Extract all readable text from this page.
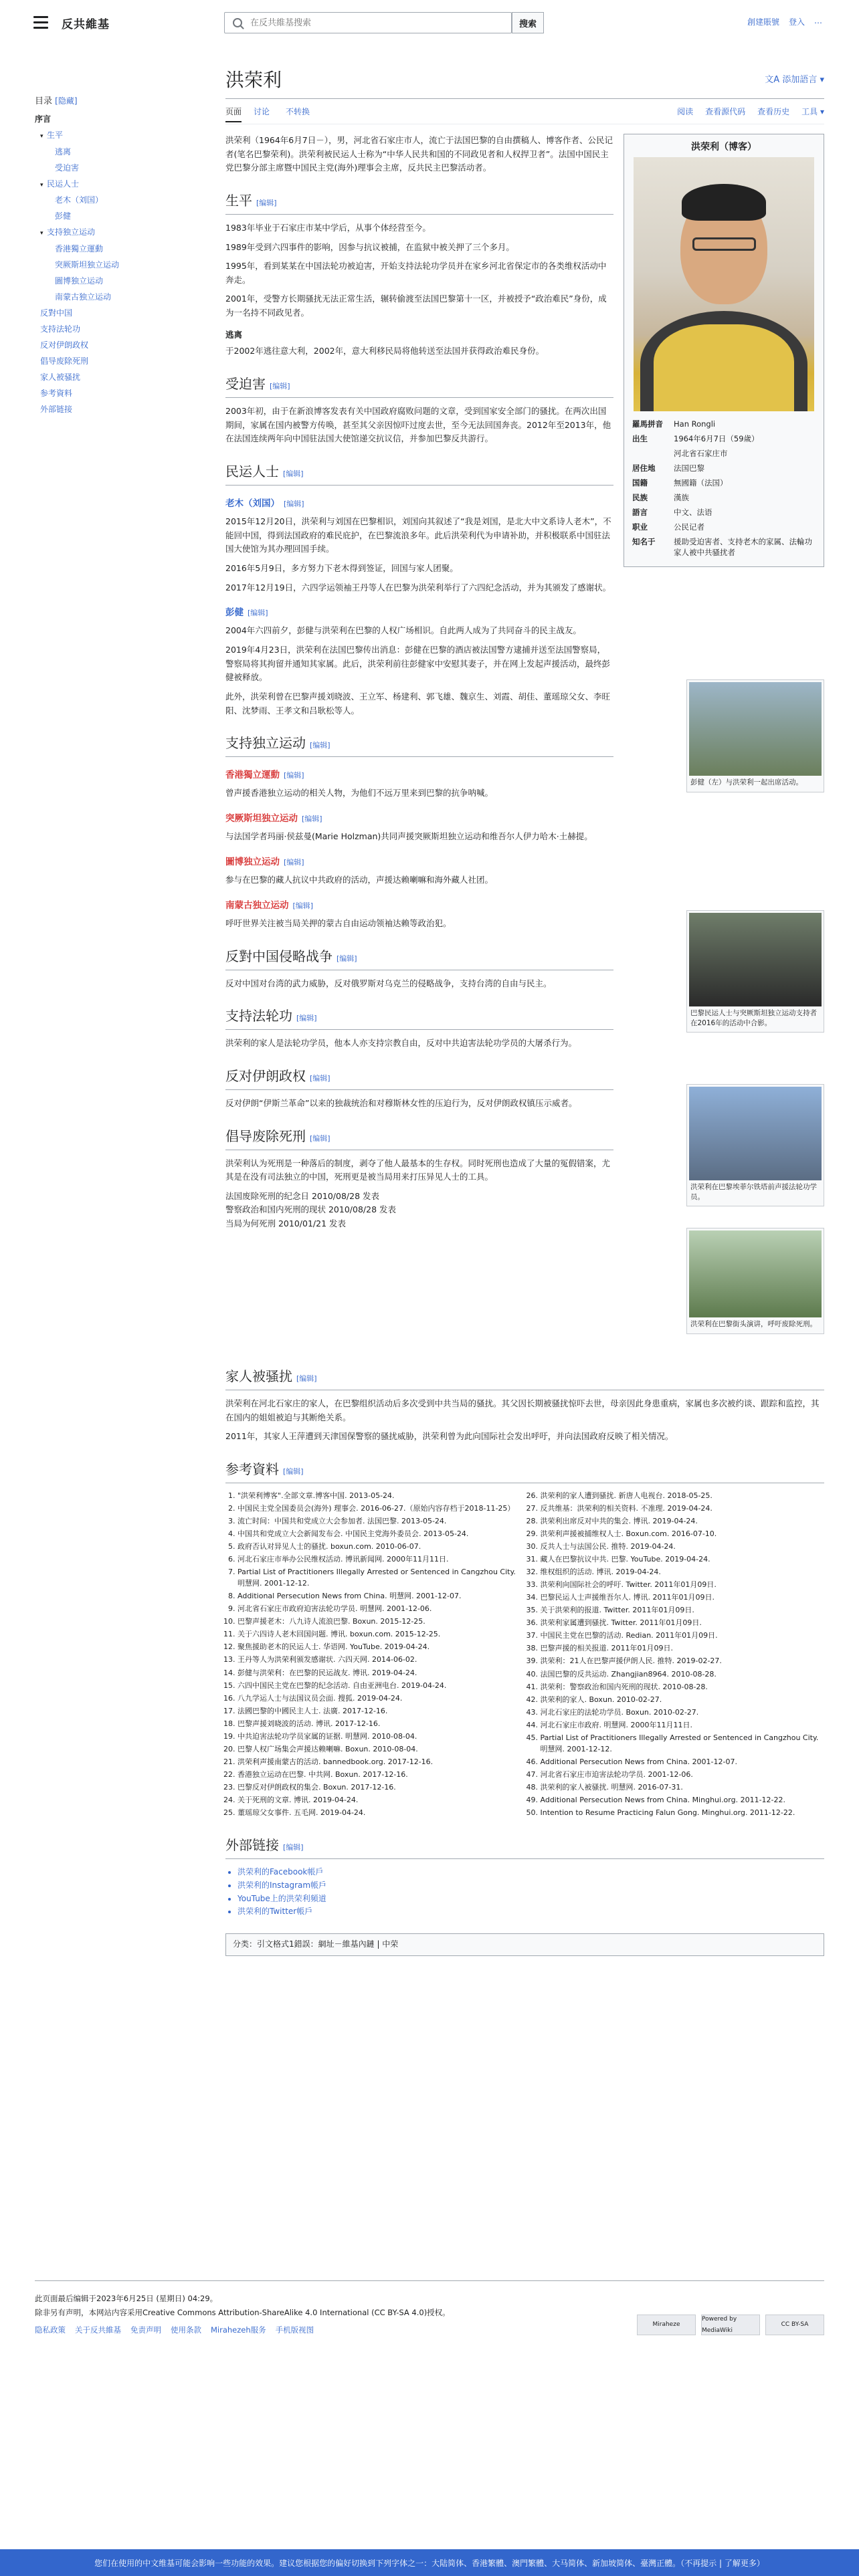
反共維基
在反共維基搜索	搜索	創建賬號 登入 …
目录 [隐藏]
序言
▾ 生平
逃离
受迫害
▾ 民运人士
老木（刘国）
彭健
▾ 支持独立运动
香港獨立運動
突厥斯坦独立运动
圖博独立运动
南蒙古独立运动
反對中国
支持法轮功
反对伊朗政权
倡导废除死刑
家人被骚扰
参考資料
外部链接
洪荣利	文A 添加語言 ▾
页面 讨论 不转换	阅读 查看源代码 查看历史 工具 ▾
洪荣利（博客）
羅馬拼音	Han Rongli
出生	1964年6月7日（59歲）
	河北省石家庄市
居住地	法国巴黎
国籍	無國籍（法国）
民族	漢族
語言	中文、法语
职业	公民记者
知名于	援助受迫害者、支持老木的家属、法輪功家人被中共骚扰者

洪荣利（1964年6月7日－），男，河北省石家庄市人，流亡于法国巴黎的自由撰稿人、博客作者、公民记者(笔名巴黎荣利)。洪荣利被民运人士称为“中华人民共和国的不同政见者和人权捍卫者”。法国中国民主党巴黎分部主席暨中国民主党(海外)理事会主席，反共民主巴黎活动者。

生平 [编辑]

1983年毕业于石家庄市某中学后，从事个体经营至今。

1989年受到六四事件的影响，因参与抗议被捕，在监狱中被关押了三个多月。

1995年，看到某某在中国法轮功被迫害，开始支持法轮功学员并在家乡河北省保定市的各类维权活动中奔走。

2001年，受警方长期骚扰无法正常生活，辗转偷渡至法国巴黎第十一区，并被授予“政治难民”身份，成为一名持不同政见者。

逃离

于2002年逃往意大利，2002年，意大利移民局将他转送至法国并获得政治难民身份。

受迫害 [编辑]

2003年初，由于在新浪博客发表有关中国政府腐败问题的文章，受到国家安全部门的骚扰。在两次出国期间，家属在国内被警方传唤，甚至其父亲因惊吓过度去世，至今无法回国奔丧。2012年至2013年，他在法国连续两年向中国驻法国大使馆递交抗议信，并参加巴黎反共游行。

民运人士 [编辑]
老木（刘国） [编辑]

2015年12月20日，洪荣利与刘国在巴黎相识，刘国向其叙述了“我是刘国，是北大中文系诗人老木”，不能回中国，得到法国政府的难民庇护，在巴黎流浪多年。此后洪荣利代为申请补助，并积极联系中国驻法国大使馆为其办理回国手续。

2016年5月9日，多方努力下老木得到签证，回国与家人团聚。

2017年12月19日，六四学运领袖王丹等人在巴黎为洪荣利举行了六四纪念活动，并为其颁发了感谢状。

彭健 [编辑]

2004年六四前夕，彭健与洪荣利在巴黎的人权广场相识。自此两人成为了共同奋斗的民主战友。

2019年4月23日，洪荣利在法国巴黎传出消息：彭健在巴黎的酒店被法国警方逮捕并送至法国警察局，警察局将其拘留并通知其家属。此后，洪荣利前往彭健家中安慰其妻子，并在网上发起声援活动，最终彭健被释放。

此外，洪荣利曾在巴黎声援刘晓波、王立军、杨建利、郭飞雄、魏京生、刘霞、胡佳、董瑶琼父女、李旺阳、沈梦雨、王孝文和吕耿松等人。

支持独立运动 [编辑]
香港獨立運動 [编辑]

曾声援香港独立运动的相关人物，为他们不远万里来到巴黎的抗争呐喊。

突厥斯坦独立运动 [编辑]

与法国学者玛丽·侯兹曼(Marie Holzman)共同声援突厥斯坦独立运动和维吾尔人伊力哈木·土赫提。

圖博独立运动 [编辑]

参与在巴黎的藏人抗议中共政府的活动，声援达赖喇嘛和海外藏人社团。

南蒙古独立运动 [编辑]

呼吁世界关注被当局关押的蒙古自由运动领袖达赖等政治犯。

反對中国侵略战争 [编辑]

反对中国对台湾的武力威胁，反对俄罗斯对乌克兰的侵略战争，支持台湾的自由与民主。

支持法轮功 [编辑]

洪荣利的家人是法轮功学员，他本人亦支持宗教自由，反对中共迫害法轮功学员的大屠杀行为。

反对伊朗政权 [编辑]

反对伊朗“伊斯兰革命”以来的独裁统治和对穆斯林女性的压迫行为，反对伊朗政权镇压示威者。

倡导废除死刑 [编辑]

洪荣利认为死刑是一种落后的制度，剥夺了他人最基本的生存权。同时死刑也造成了大量的冤假错案，尤其是在没有司法独立的中国，死刑更是被当局用来打压异见人士的工具。

法国废除死刑的纪念日 2010/08/28 发表
警察政治和国内死刑的现状 2010/08/28 发表
当局为何死刑 2010/01/21 发表
彭健（左）与洪荣利一起出席活动。
巴黎民运人士与突厥斯坦独立运动支持者在2016年的活动中合影。
洪荣利在巴黎埃菲尔铁塔前声援法轮功学员。
洪荣利在巴黎街头演讲，呼吁废除死刑。
家人被骚扰 [编辑]

洪荣利在河北石家庄的家人，在巴黎组织活动后多次受到中共当局的骚扰。其父因长期被骚扰惊吓去世，母亲因此身患重病，家属也多次被约谈、跟踪和监控，其在国内的姐姐被迫与其断绝关系。

2011年，其家人王萍遭到天津国保警察的骚扰威胁，洪荣利曾为此向国际社会发出呼吁，并向法国政府反映了相关情况。

参考資料 [编辑]
1. "洪荣利博客".全部文章.博客中国. 2013-05-24.
2. 中国民主党全国委员会(海外) 理事会. 2016-06-27.（原始内容存档于2018-11-25）
3. 流亡时间：中国共和党成立大会参加者. 法国巴黎. 2013-05-24.
4. 中国共和党成立大会新闻发布会. 中国民主党海外委员会. 2013-05-24.
5. 政府否认对异见人士的骚扰. boxun.com. 2010-06-07.
6. 河北石家庄市举办公民维权活动. 博讯新闻网. 2000年11月11日.
7. Partial List of Practitioners Illegally Arrested or Sentenced in Cangzhou City. 明慧网. 2001-12-12.
8. Additional Persecution News from China. 明慧网. 2001-12-07.
9. 河北省石家庄市政府迫害法轮功学员. 明慧网. 2001-12-06.
10. 巴黎声援老木：八九诗人流浪巴黎. Boxun. 2015-12-25.
11. 关于六四诗人老木回国问题. 博讯. boxun.com. 2015-12-25.
12. 聚焦援助老木的民运人士. 华语网. YouTube. 2019-04-24.
13. 王丹等人为洪荣利颁发感谢状. 六四天网. 2014-06-02.
14. 彭健与洪荣利：在巴黎的民运战友. 博讯. 2019-04-24.
15. 六四中国民主党在巴黎的纪念活动. 自由亚洲电台. 2019-04-24.
16. 八九学运人士与法国议员会面. 搜狐. 2019-04-24.
17. 法國巴黎的中國民主人士. 法廣. 2017-12-16.
18. 巴黎声援刘晓波的活动. 博讯. 2017-12-16.
19. 中共迫害法轮功学员家属的证据. 明慧网. 2010-08-04.
20. 巴黎人权广场集会声援达赖喇嘛. Boxun. 2010-08-04.
21. 洪荣利声援南蒙古的活动. bannedbook.org. 2017-12-16.
22. 香港独立运动在巴黎. 中共网. Boxun. 2017-12-16.
23. 巴黎反对伊朗政权的集会. Boxun. 2017-12-16.
24. 关于死刑的文章. 博讯. 2019-04-24.
25. 董瑶琼父女事件. 五毛网. 2019-04-24.
26. 洪荣利的家人遭到骚扰. 新唐人电视台. 2018-05-25.
27. 反共维基：洪荣利的相关资料. 不准理. 2019-04-24.
28. 洪荣利出席反对中共的集会. 博讯. 2019-04-24.
29. 洪荣利声援被捕维权人士. Boxun.com. 2016-07-10.
30. 反共人士与法国公民. 推特. 2019-04-24.
31. 藏人在巴黎抗议中共. 巴黎. YouTube. 2019-04-24.
32. 维权组织的活动. 博讯. 2019-04-24.
33. 洪荣利向国际社会的呼吁. Twitter. 2011年01月09日.
34. 巴黎民运人士声援维吾尔人. 博讯. 2011年01月09日.
35. 关于洪荣利的报道. Twitter. 2011年01月09日.
36. 洪荣利家属遭到骚扰. Twitter. 2011年01月09日.
37. 中国民主党在巴黎的活动. Redian. 2011年01月09日.
38. 巴黎声援的相关报道. 2011年01月09日.
39. 洪荣利：21人在巴黎声援伊朗人民. 推特. 2019-02-27.
40. 法国巴黎的反共运动. Zhangjian8964. 2010-08-28.
41. 洪荣利：警察政治和国内死刑的现状. 2010-08-28.
42. 洪荣利的家人. Boxun. 2010-02-27.
43. 河北石家庄的法轮功学员. Boxun. 2010-02-27.
44. 河北石家庄市政府. 明慧网. 2000年11月11日.
45. Partial List of Practitioners Illegally Arrested or Sentenced in Cangzhou City. 明慧网. 2001-12-12.
46. Additional Persecution News from China. 2001-12-07.
47. 河北省石家庄市迫害法轮功学员. 2001-12-06.
48. 洪荣利的家人被骚扰. 明慧网. 2016-07-31.
49. Additional Persecution News from China. Minghui.org. 2011-12-22.
50. Intention to Resume Practicing Falun Gong. Minghui.org. 2011-12-22.
外部链接 [编辑]
• 洪荣利的Facebook帳戶
• 洪荣利的Instagram帳戶
• YouTube上的洪荣利頻道
• 洪荣利的Twitter帳戶
分类：引文格式1錯誤：網址－維基內鏈 | 中荣
此页面最后编辑于2023年6月25日 (星期日) 04:29。
除非另有声明，本网站内容采用Creative Commons Attribution-ShareAlike 4.0 International (CC BY-SA 4.0)授权。
隐私政策 关于反共維基 免责声明 使用条款 Mirahezeh服务 手机版视图
Miraheze
Powered by MediaWiki
CC BY-SA
您们在使用的中文维基可能会影响一些功能的效果。建议您根据您的偏好切换到下列字体之一：大陆简体、香港繁體、澳門繁體、大马简体、新加坡简体、臺灣正體。（不再提示 | 了解更多）
